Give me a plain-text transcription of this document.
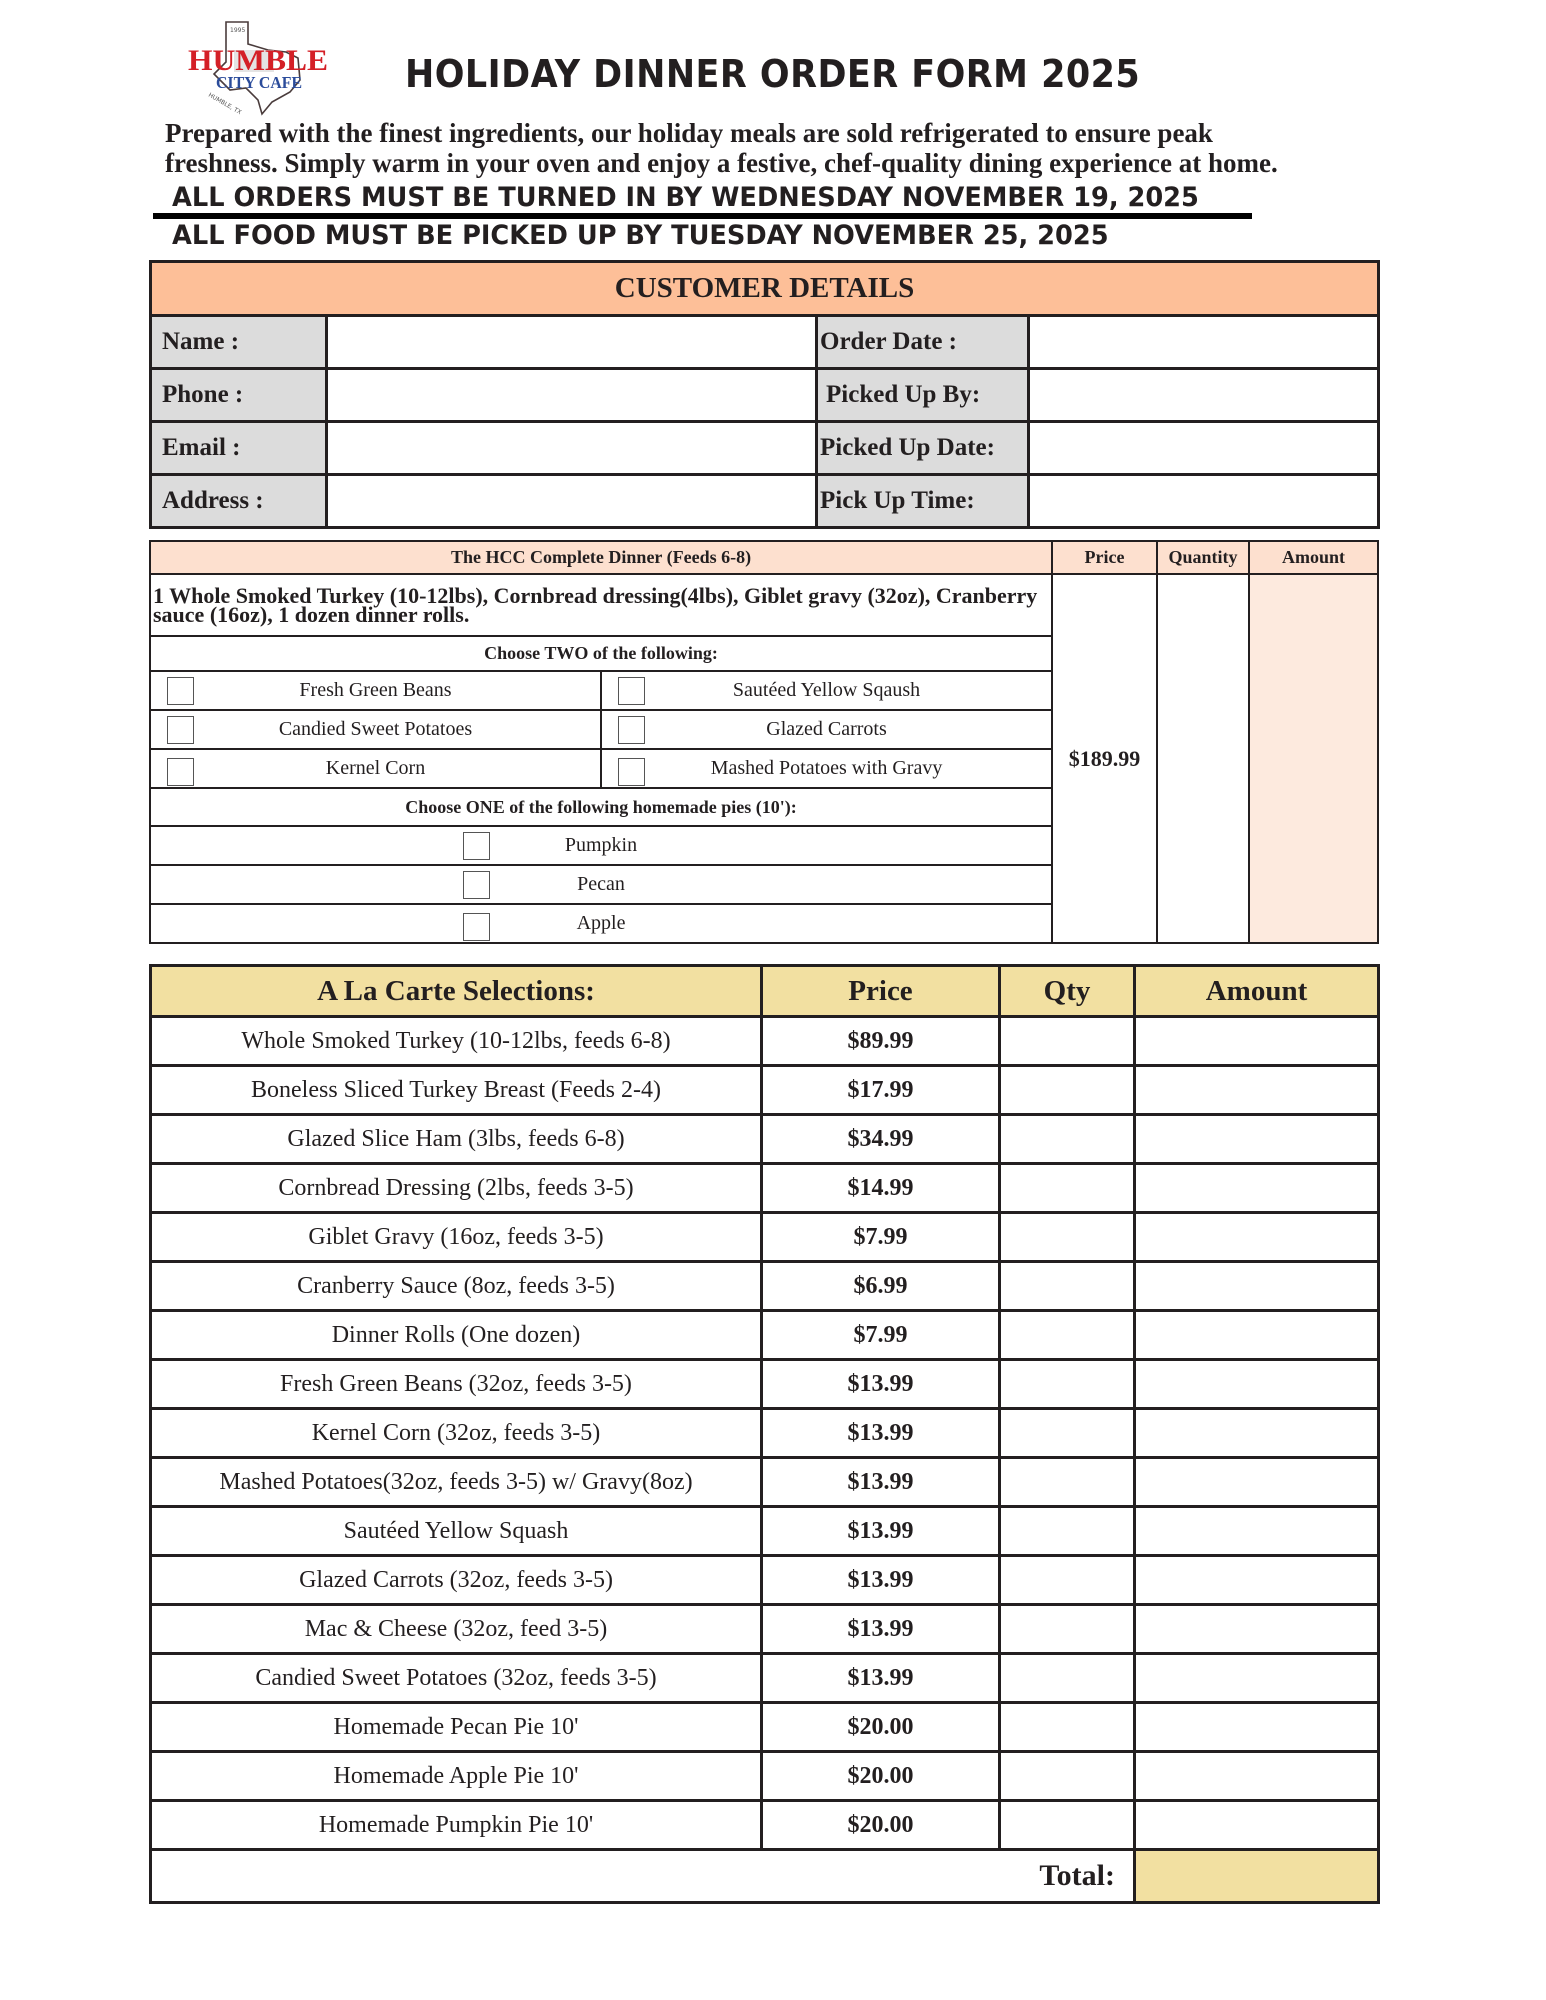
1995
HUMBLE
CITY CAFE
HUMBLE, TX
HOLIDAY DINNER ORDER FORM 2025
Prepared with the finest ingredients, our holiday meals are sold refrigerated to ensure peak
freshness. Simply warm in your oven and enjoy a festive, chef-quality dining experience at home.
ALL ORDERS MUST BE TURNED IN BY WEDNESDAY NOVEMBER 19, 2025
ALL FOOD MUST BE PICKED UP BY TUESDAY NOVEMBER 25, 2025
CUSTOMER DETAILS			
Name :		Order Date :	
Phone :		Picked Up By:	
Email :		Picked Up Date:	
Address :		Pick Up Time:	
The HCC Complete Dinner (Feeds 6-8)		Price	Quantity	Amount
1 Whole Smoked Turkey (10-12lbs), Cornbread dressing(4lbs), Giblet gravy (32oz), Cranberry sauce (16oz), 1 dozen dinner rolls.		$189.99		
Choose TWO of the following:				

Fresh Green Beans	Sautéed Yellow Sqaush			

Candied Sweet Potatoes	Glazed Carrots			

Kernel Corn	Mashed Potatoes with Gravy			
Choose ONE of the following homemade pies (10'):				

Pumpkin				

Pecan				

Apple				
A La Carte Selections:	Price	Qty	Amount
Whole Smoked Turkey (10-12lbs, feeds 6-8)	$89.99		
Boneless Sliced Turkey Breast (Feeds 2-4)	$17.99		
Glazed Slice Ham (3lbs, feeds 6-8)	$34.99		
Cornbread Dressing (2lbs, feeds 3-5)	$14.99		
Giblet Gravy (16oz, feeds 3-5)	$7.99		
Cranberry Sauce (8oz, feeds 3-5)	$6.99		
Dinner Rolls (One dozen)	$7.99		
Fresh Green Beans (32oz, feeds 3-5)	$13.99		
Kernel Corn (32oz, feeds 3-5)	$13.99		
Mashed Potatoes(32oz, feeds 3-5) w/ Gravy(8oz)	$13.99		
Sautéed Yellow Squash	$13.99		
Glazed Carrots (32oz, feeds 3-5)	$13.99		
Mac & Cheese (32oz, feed 3-5)	$13.99		
Candied Sweet Potatoes (32oz, feeds 3-5)	$13.99		
Homemade Pecan Pie 10'	$20.00		
Homemade Apple Pie 10'	$20.00		
Homemade Pumpkin Pie 10'	$20.00		
Total:			
